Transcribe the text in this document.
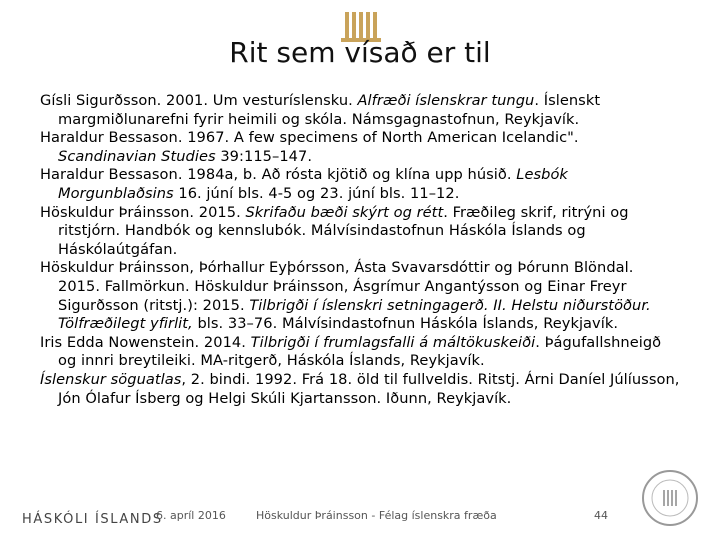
Rit sem vísað er til

Gísli Sigurðsson. 2001. Um vesturíslensku. Alfræði íslenskrar tungu. Íslenskt margmiðlunarefni fyrir heimili og skóla. Námsgagnastofnun, Reykjavík.

Haraldur Bessason. 1967. A few specimens of North American Icelandic". Scandinavian Studies 39:115–147.

Haraldur Bessason. 1984a, b. Að rósta kjötið og klína upp húsið. Lesbók Morgunblaðsins 16. júní bls. 4-5 og 23. júní bls. 11–12.

Höskuldur Þráinsson. 2015. Skrifaðu bæði skýrt og rétt. Fræðileg skrif, ritrýni og ritstjórn. Handbók og kennslubók. Málvísindastofnun Háskóla Íslands og Háskólaútgáfan.

Höskuldur Þráinsson, Þórhallur Eyþórsson, Ásta Svavarsdóttir og Þórunn Blöndal. 2015. Fallmörkun. Höskuldur Þráinsson, Ásgrímur Angantýsson og Einar Freyr Sigurðsson (ritstj.): 2015. Tilbrigði í íslenskri setningagerð. II. Helstu niðurstöður. Tölfræðilegt yfirlit, bls. 33–76. Málvísindastofnun Háskóla Íslands, Reykjavík.

Iris Edda Nowenstein. 2014. Tilbrigði í frumlagsfalli á máltökuskeiði. Þágufallshneigð og innri breytileiki. MA-ritgerð, Háskóla Íslands, Reykjavík.

Íslenskur söguatlas, 2. bindi. 1992. Frá 18. öld til fullveldis. Ritstj. Árni Daníel Júlíusson, Jón Ólafur Ísberg og Helgi Skúli Kjartansson. Iðunn, Reykjavík.

HÁSKÓLI ÍSLANDS
6. apríl 2016	Höskuldur Þráinsson - Félag íslenskra fræða	44
